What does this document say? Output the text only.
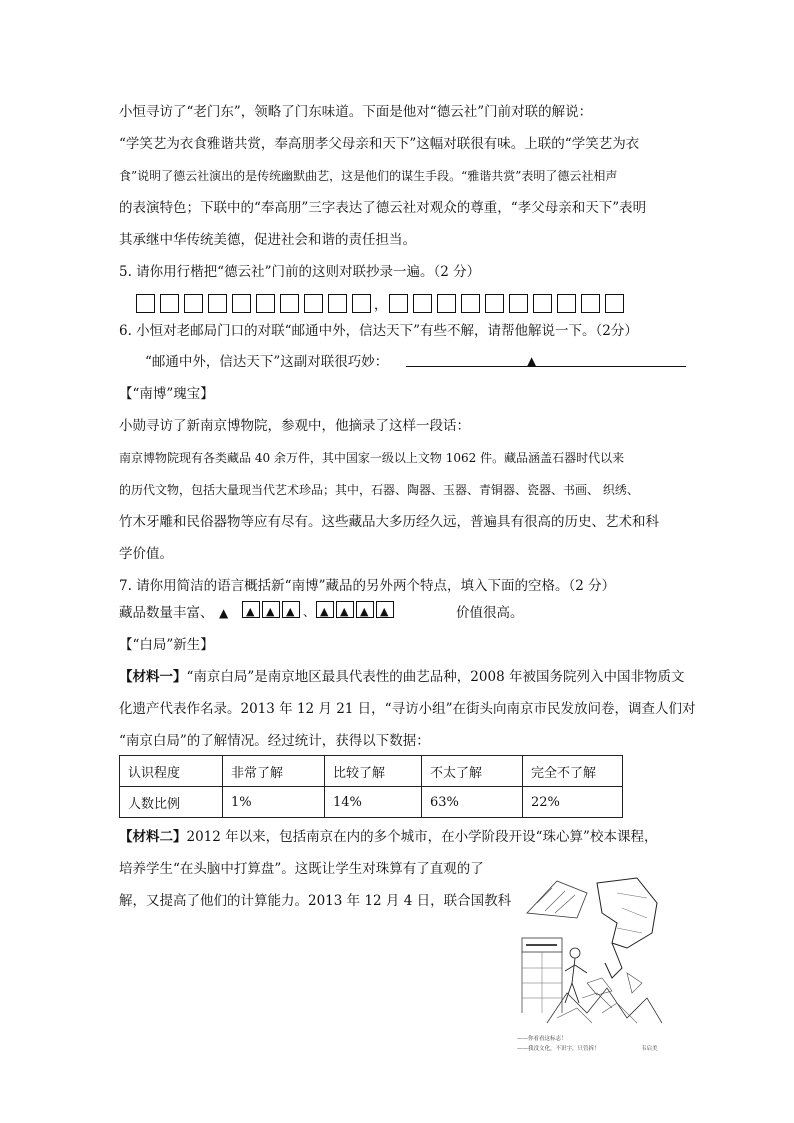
小恒寻访了“老门东”，领略了门东味道。下面是他对“德云社”门前对联的解说：
“学笑艺为衣食雅谐共赏，奉高朋孝父母亲和天下”这幅对联很有味。上联的“学笑艺为衣
食”说明了德云社演出的是传统幽默曲艺，这是他们的谋生手段。“雅谐共赏”表明了德云社相声
的表演特色；下联中的“奉高朋”三字表达了德云社对观众的尊重，“孝父母亲和天下”表明
其承继中华传统美德，促进社会和谐的责任担当。
5. 请你用行楷把“德云社”门前的这则对联抄录一遍。（2 分）
，
6. 小恒对老邮局门口的对联“邮通中外，信达天下”有些不解，请帮他解说一下。（2分）
“邮通中外，信达天下”这副对联很巧妙：	▲
【“南博”瑰宝】
小勋寻访了新南京博物院，参观中，他摘录了这样一段话：
南京博物院现有各类藏品 40 余万件，其中国家一级以上文物 1062 件。藏品涵盖石器时代以来
的历代文物，包括大量现当代艺术珍品；其中，石器、陶器、玉器、青铜器、瓷器、书画、 织绣、
竹木牙雕和民俗器物等应有尽有。这些藏品大多历经久远，普遍具有很高的历史、艺术和科
学价值。
7. 请你用简洁的语言概括新“南博”藏品的另外两个特点，填入下面的空格。（2 分）
藏品数量丰富、 ▲ ▲ ▲ ▲ 、 ▲ ▲ ▲ ▲	价值很高。
【“白局”新生】
【材料一】“南京白局”是南京地区最具代表性的曲艺品种，2008 年被国务院列入中国非物质文
化遗产代表作名录。2013 年 12 月 21 日，“寻访小组”在街头向南京市民发放问卷，调查人们对
“南京白局”的了解情况。经过统计，获得以下数据：
认识程度	非常了解	比较了解	不太了解	完全不了解
人数比例	1%	14%	63%	22%
【材料二】2012 年以来，包括南京在内的多个城市，在小学阶段开设“珠心算”校本课程，
培养学生“在头脑中打算盘”。这既让学生对珠算有了直观的了
解，又提高了他们的计算能力。2013 年 12 月 4 日，联合国教科
——你看看这标志！
——我没文化，不识字，只管拆！	韦启美
